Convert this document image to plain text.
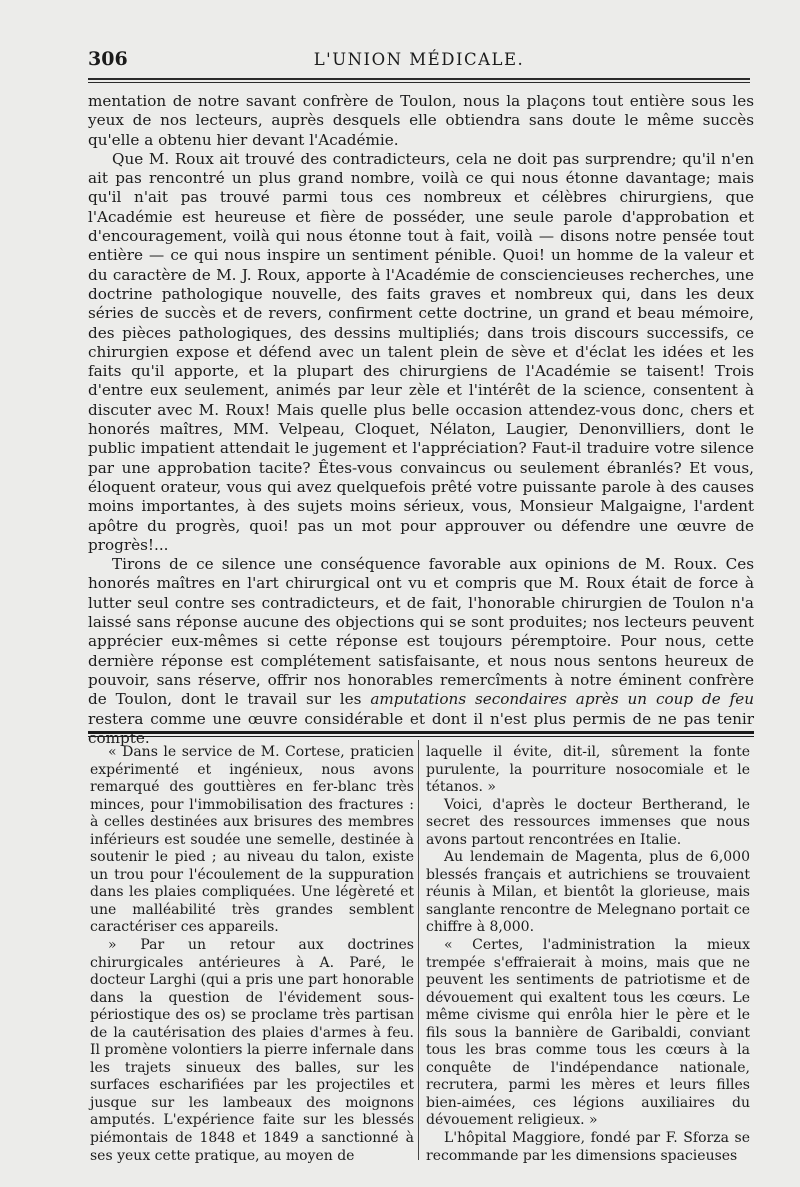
306	L'UNION MÉDICALE.

mentation de notre savant confrère de Toulon, nous la plaçons tout entière sous les yeux de nos lecteurs, auprès desquels elle obtiendra sans doute le même succès qu'elle a obtenu hier devant l'Académie.

Que M. Roux ait trouvé des contradicteurs, cela ne doit pas surprendre; qu'il n'en ait pas rencontré un plus grand nombre, voilà ce qui nous étonne davantage; mais qu'il n'ait pas trouvé parmi tous ces nombreux et célèbres chirurgiens, que l'Académie est heureuse et fière de posséder, une seule parole d'approbation et d'encouragement, voilà qui nous étonne tout à fait, voilà — disons notre pensée tout entière — ce qui nous inspire un sentiment pénible. Quoi! un homme de la valeur et du caractère de M. J. Roux, apporte à l'Académie de consciencieuses recherches, une doctrine pathologique nouvelle, des faits graves et nombreux qui, dans les deux séries de succès et de revers, confirment cette doctrine, un grand et beau mémoire, des pièces pathologiques, des dessins multipliés; dans trois discours successifs, ce chirurgien expose et défend avec un talent plein de sève et d'éclat les idées et les faits qu'il apporte, et la plupart des chirurgiens de l'Académie se taisent! Trois d'entre eux seulement, animés par leur zèle et l'intérêt de la science, consentent à discuter avec M. Roux! Mais quelle plus belle occasion attendez-vous donc, chers et honorés maîtres, MM. Velpeau, Cloquet, Nélaton, Laugier, Denonvilliers, dont le public impatient attendait le jugement et l'appréciation? Faut-il traduire votre silence par une approbation tacite? Êtes-vous convaincus ou seulement ébranlés? Et vous, éloquent orateur, vous qui avez quelquefois prêté votre puissante parole à des causes moins importantes, à des sujets moins sérieux, vous, Monsieur Malgaigne, l'ardent apôtre du progrès, quoi! pas un mot pour approuver ou défendre une œuvre de progrès!...

Tirons de ce silence une conséquence favorable aux opinions de M. Roux. Ces honorés maîtres en l'art chirurgical ont vu et compris que M. Roux était de force à lutter seul contre ses contradicteurs, et de fait, l'honorable chirurgien de Toulon n'a laissé sans réponse aucune des objections qui se sont produites; nos lecteurs peuvent apprécier eux-mêmes si cette réponse est toujours péremptoire. Pour nous, cette dernière réponse est complétement satisfaisante, et nous nous sentons heureux de pouvoir, sans réserve, offrir nos honorables remercîments à notre éminent confrère de Toulon, dont le travail sur les amputations secondaires après un coup de feu restera comme une œuvre considérable et dont il n'est plus permis de ne pas tenir compte.

« Dans le service de M. Cortese, praticien expérimenté et ingénieux, nous avons remarqué des gouttières en fer-blanc très minces, pour l'immobilisation des fractures : à celles destinées aux brisures des membres inférieurs est soudée une semelle, destinée à soutenir le pied ; au niveau du talon, existe un trou pour l'écoulement de la suppuration dans les plaies compliquées. Une légèreté et une malléabilité très grandes semblent caractériser ces appareils.

» Par un retour aux doctrines chirurgicales antérieures à A. Paré, le docteur Larghi (qui a pris une part honorable dans la question de l'évidement sous-périostique des os) se proclame très partisan de la cautérisation des plaies d'armes à feu. Il promène volontiers la pierre infernale dans les trajets sinueux des balles, sur les surfaces escharifiées par les projectiles et jusque sur les lambeaux des moignons amputés. L'expérience faite sur les blessés piémontais de 1848 et 1849 a sanctionné à ses yeux cette pratique, au moyen de

laquelle il évite, dit-il, sûrement la fonte purulente, la pourriture nosocomiale et le tétanos. »

Voici, d'après le docteur Bertherand, le secret des ressources immenses que nous avons partout rencontrées en Italie.

Au lendemain de Magenta, plus de 6,000 blessés français et autrichiens se trouvaient réunis à Milan, et bientôt la glorieuse, mais sanglante rencontre de Melegnano portait ce chiffre à 8,000.

« Certes, l'administration la mieux trempée s'effraierait à moins, mais que ne peuvent les sentiments de patriotisme et de dévouement qui exaltent tous les cœurs. Le même civisme qui enrôla hier le père et le fils sous la bannière de Garibaldi, conviant tous les bras comme tous les cœurs à la conquête de l'indépendance nationale, recrutera, parmi les mères et leurs filles bien-aimées, ces légions auxiliaires du dévouement religieux. »

L'hôpital Maggiore, fondé par F. Sforza se recommande par les dimensions spacieuses
